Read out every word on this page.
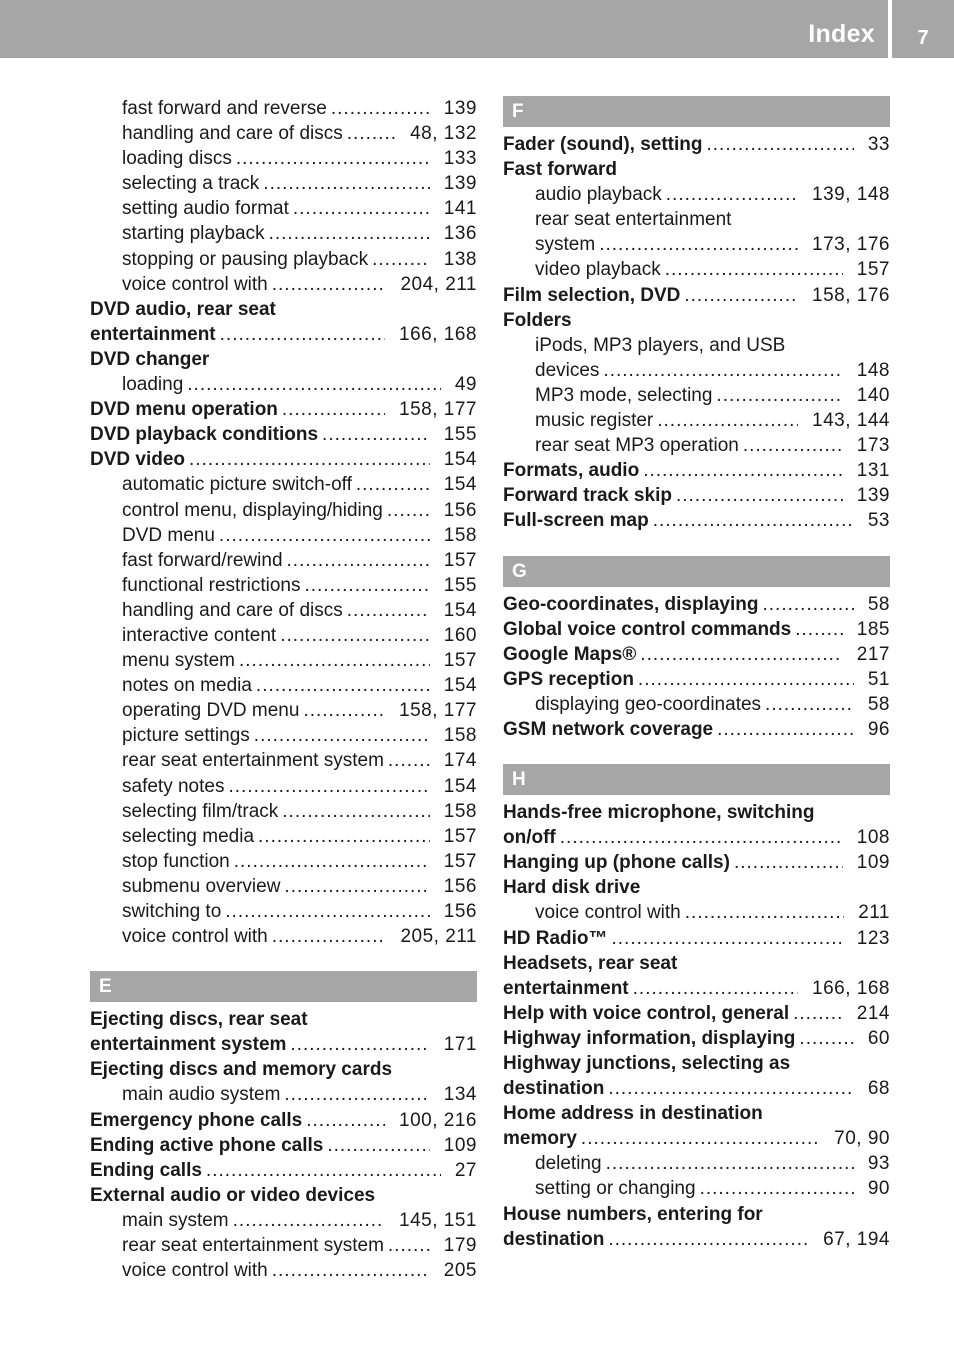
Index	7
fast forward and reverse .....	139
handling and care of discs .....	48, 132
loading discs .....	133
selecting a track .....	139
setting audio format .....	141
starting playback .....	136
stopping or pausing playback .....	138
voice control with .....	204, 211
DVD audio, rear seat
entertainment .....	166, 168
DVD changer
loading .....	49
DVD menu operation .....	158, 177
DVD playback conditions .....	155
DVD video .....	154
automatic picture switch-off .....	154
control menu, displaying/hiding .....	156
DVD menu .....	158
fast forward/rewind .....	157
functional restrictions .....	155
handling and care of discs .....	154
interactive content .....	160
menu system .....	157
notes on media .....	154
operating DVD menu .....	158, 177
picture settings .....	158
rear seat entertainment system .....	174
safety notes .....	154
selecting film/track .....	158
selecting media .....	157
stop function .....	157
submenu overview .....	156
switching to .....	156
voice control with .....	205, 211
E
Ejecting discs, rear seat
entertainment system .....	171
Ejecting discs and memory cards
main audio system .....	134
Emergency phone calls .....	100, 216
Ending active phone calls .....	109
Ending calls .....	27
External audio or video devices
main system .....	145, 151
rear seat entertainment system .....	179
voice control with .....	205
F
Fader (sound), setting .....	33
Fast forward
audio playback .....	139, 148
rear seat entertainment
system .....	173, 176
video playback .....	157
Film selection, DVD .....	158, 176
Folders
iPods, MP3 players, and USB
devices .....	148
MP3 mode, selecting .....	140
music register .....	143, 144
rear seat MP3 operation .....	173
Formats, audio .....	131
Forward track skip .....	139
Full-screen map .....	53
G
Geo-coordinates, displaying .....	58
Global voice control commands .....	185
Google Maps® .....	217
GPS reception .....	51
displaying geo-coordinates .....	58
GSM network coverage .....	96
H
Hands-free microphone, switching
on/off .....	108
Hanging up (phone calls) .....	109
Hard disk drive
voice control with .....	211
HD Radio™ .....	123
Headsets, rear seat
entertainment .....	166, 168
Help with voice control, general .....	214
Highway information, displaying .....	60
Highway junctions, selecting as
destination .....	68
Home address in destination
memory .....	70, 90
deleting .....	93
setting or changing .....	90
House numbers, entering for
destination .....	67, 194
